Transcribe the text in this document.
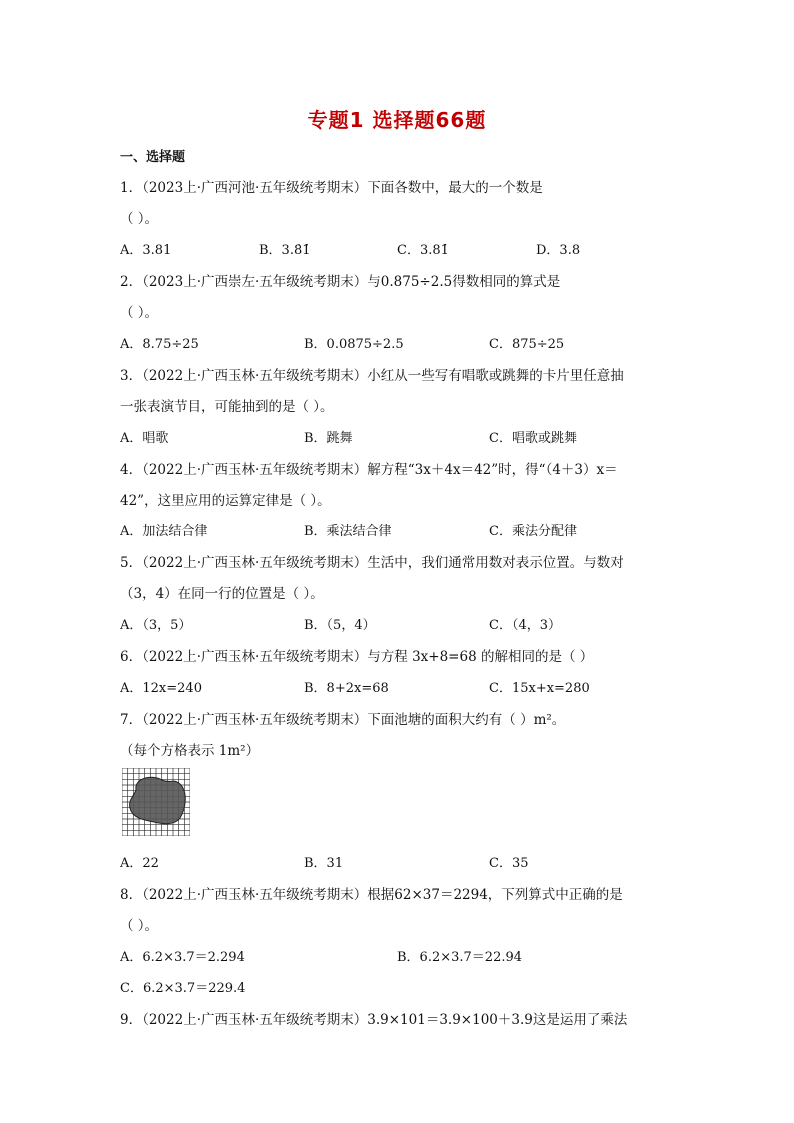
专题1 选择题66题
一、选择题
1．（2023上·广西河池·五年级统考期末）下面各数中，最大的一个数是
（ ）。
A．3.81	B．3.8̇1̇	C．3.81̇	D．3.8
2．（2023上·广西崇左·五年级统考期末）与0.875÷2.5得数相同的算式是
（ ）。
A．8.75÷25	B．0.0875÷2.5	C．875÷25
3．（2022上·广西玉林·五年级统考期末）小红从一些写有唱歌或跳舞的卡片里任意抽
一张表演节目，可能抽到的是（ ）。
A．唱歌	B．跳舞	C．唱歌或跳舞
4．（2022上·广西玉林·五年级统考期末）解方程“3x＋4x＝42”时，得“（4＋3）x＝
42”，这里应用的运算定律是（ ）。
A．加法结合律	B．乘法结合律	C．乘法分配律
5．（2022上·广西玉林·五年级统考期末）生活中，我们通常用数对表示位置。与数对
（3，4）在同一行的位置是（ ）。
A．（3，5）	B．（5，4）	C．（4，3）
6．（2022上·广西玉林·五年级统考期末）与方程 3x+8=68 的解相同的是（ ）
A．12x=240	B．8+2x=68	C．15x+x=280
7．（2022上·广西玉林·五年级统考期末）下面池塘的面积大约有（ ）m²。
（每个方格表示 1m²）
A．22	B．31	C．35
8．（2022上·广西玉林·五年级统考期末）根据62×37＝2294，下列算式中正确的是
（ ）。
A．6.2×3.7＝2.294	B．6.2×3.7＝22.94
C．6.2×3.7＝229.4
9．（2022上·广西玉林·五年级统考期末）3.9×101＝3.9×100＋3.9这是运用了乘法
